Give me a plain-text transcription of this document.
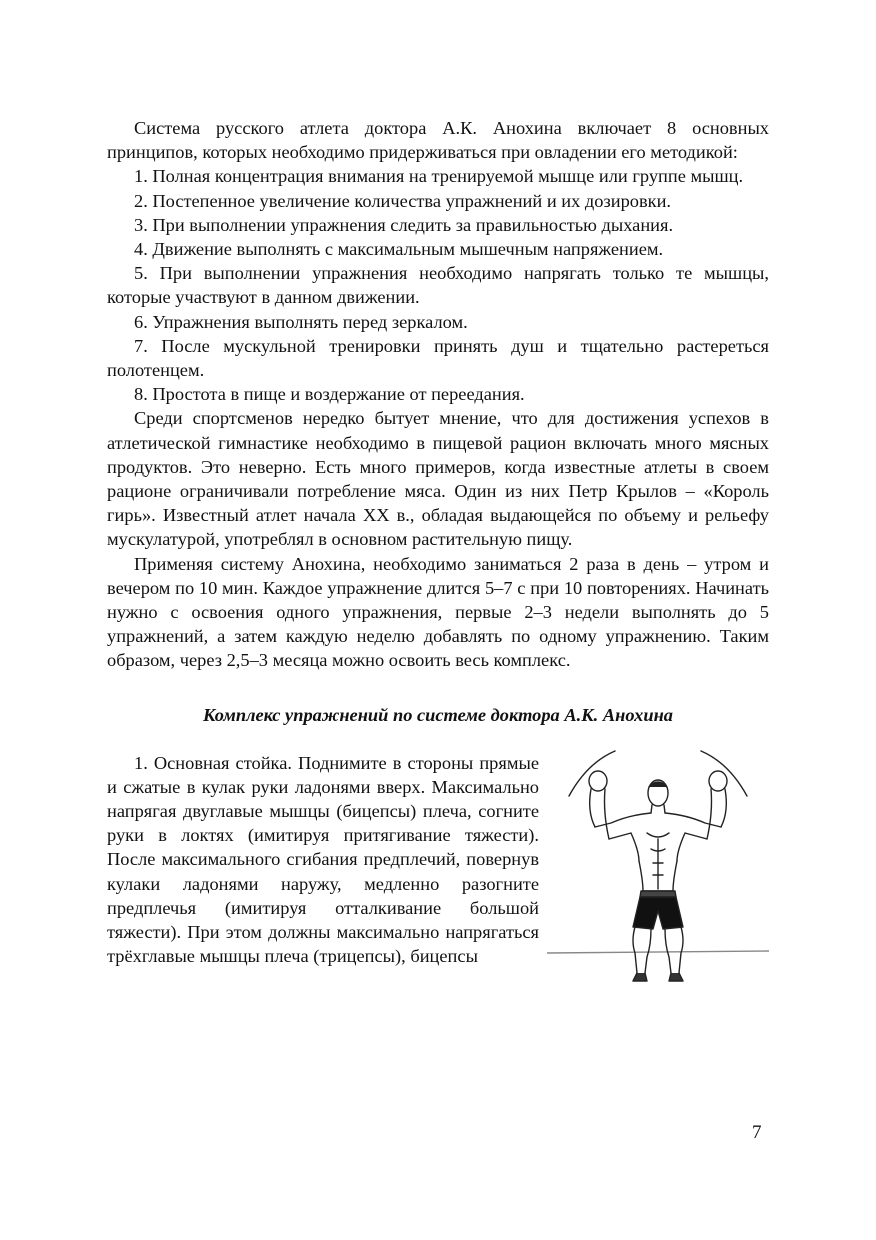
Система русского атлета доктора А.К. Анохина включает 8 основных принципов, которых необходимо придерживаться при овладении его методикой:

1. Полная концентрация внимания на тренируемой мышце или группе мышц.

2. Постепенное увеличение количества упражнений и их дозировки.

3. При выполнении упражнения следить за правильностью дыхания.

4. Движение выполнять с максимальным мышечным напряжением.

5. При выполнении упражнения необходимо напрягать только те мышцы, которые участвуют в данном движении.

6. Упражнения выполнять перед зеркалом.

7. После мускульной тренировки принять душ и тщательно растереться полотенцем.

8. Простота в пище и воздержание от переедания.

Среди спортсменов нередко бытует мнение, что для достижения успехов в атлетической гимнастике необходимо в пищевой рацион включать много мясных продуктов. Это неверно. Есть много примеров, когда известные атлеты в своем рационе ограничивали потребление мяса. Один из них Петр Крылов – «Король гирь». Известный атлет начала XX в., обладая выдающейся по объему и рельефу мускулатурой, употреблял в основном растительную пищу.

Применяя систему Анохина, необходимо заниматься 2 раза в день – утром и вечером по 10 мин. Каждое упражнение длится 5–7 с при 10 повторениях. Начинать нужно с освоения одного упражнения, первые 2–3 недели выполнять до 5 упражнений, а затем каждую неделю добавлять по одному упражнению. Таким образом, через 2,5–3 месяца можно освоить весь комплекс.

Комплекс упражнений по системе доктора А.К. Анохина

1. Основная стойка. Поднимите в стороны прямые и сжатые в кулак руки ладонями вверх. Максимально напрягая двуглавые мышцы (бицепсы) плеча, согните руки в локтях (имитируя притягивание тяжести). После максимального сгибания предплечий, повернув кулаки ладонями наружу, медленно разогните предплечья (имитируя отталкивание большой тяжести). При этом должны максимально напрягаться трёхглавые мышцы плеча (трицепсы), бицепсы

7
